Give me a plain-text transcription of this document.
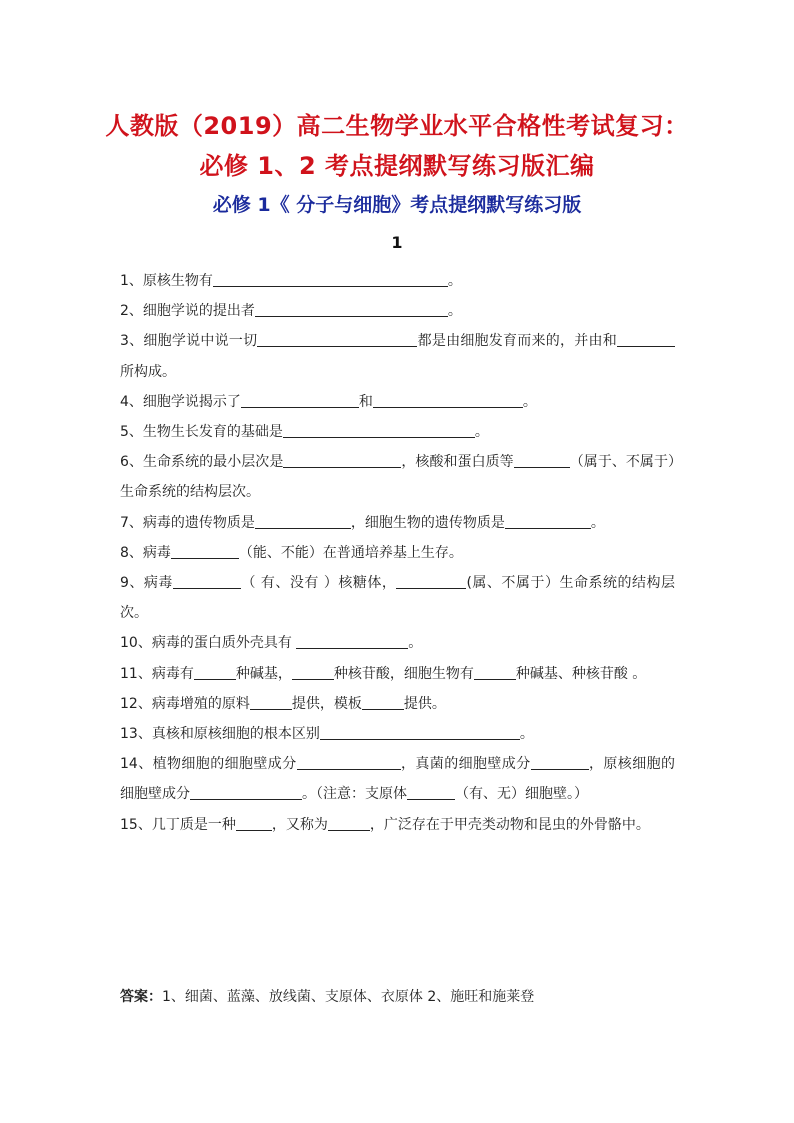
人教版（2019）高二生物学业水平合格性考试复习：
必修 1、2 考点提纲默写练习版汇编
必修 1《 分子与细胞》考点提纲默写练习版
1
1、原核生物有	。
2、细胞学说的提出者	。
3、细胞学说中说一切	都是由细胞发育而来的，并由和所构成。
4、细胞学说揭示了	和	。
5、生物生长发育的基础是	。
6、生命系统的最小层次是	，核酸和蛋白质等	（属于、不属于）生命系统的结构层次。
7、病毒的遗传物质是	，细胞生物的遗传物质是	。
8、病毒	（能、不能）在普通培养基上生存。
9、病毒	（ 有、没有 ）核糖体，	(属、不属于）生命系统的结构层次。
10、病毒的蛋白质外壳具有	。
11、病毒有	种碱基，	种核苷酸，细胞生物有	种碱基、种核苷酸 。
12、病毒增殖的原料	提供，模板	提供。
13、真核和原核细胞的根本区别	。
14、植物细胞的细胞壁成分	，真菌的细胞壁成分	，原核细胞的细胞壁成分	。（注意：支原体	（有、无）细胞壁。）
15、几丁质是一种	，又称为	，广泛存在于甲壳类动物和昆虫的外骨骼中。
答案：1、细菌、蓝藻、放线菌、支原体、衣原体 2、施旺和施莱登
